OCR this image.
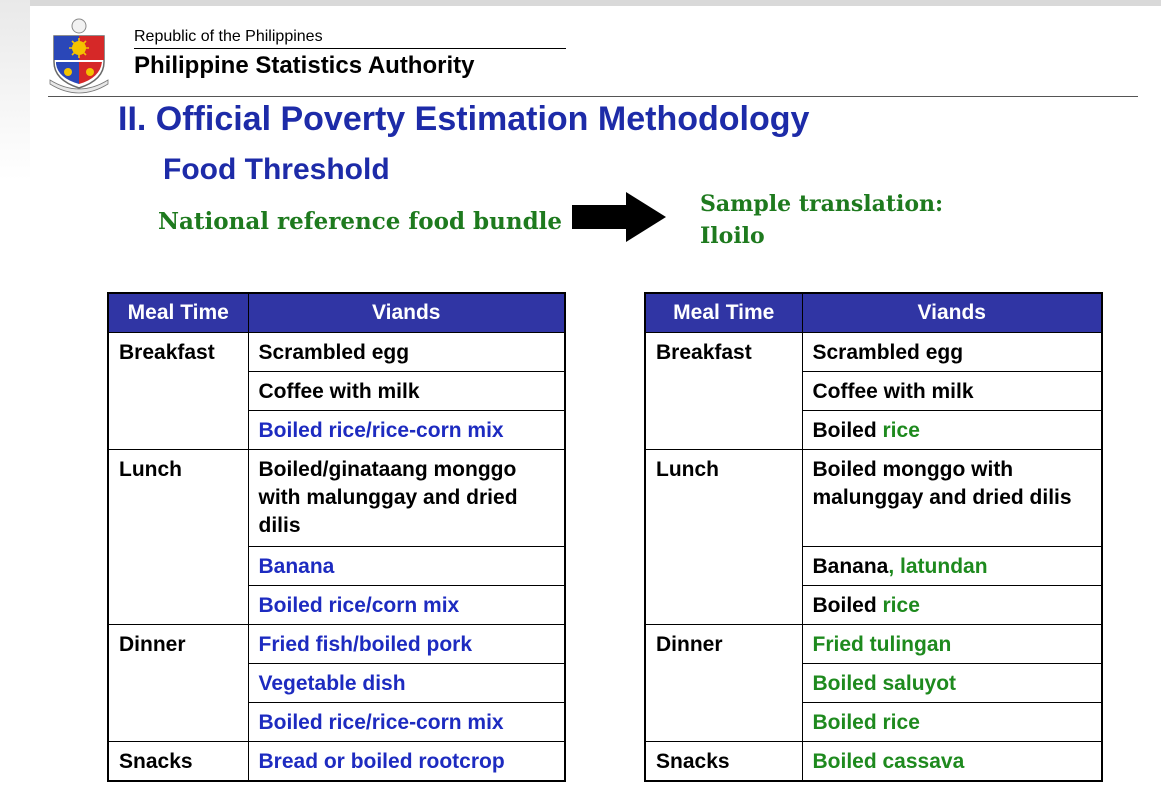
Republic of the Philippines
Philippine Statistics Authority
II. Official Poverty Estimation Methodology
Food Threshold
National reference food bundle
Sample translation:
Iloilo
Meal Time	Viands
Breakfast	Scrambled egg
	Coffee with milk
	Boiled rice/rice-corn mix
Lunch	Boiled/ginataang monggo with malunggay and dried dilis
	Banana
	Boiled rice/corn mix
Dinner	Fried fish/boiled pork
	Vegetable dish
	Boiled rice/rice-corn mix
Snacks	Bread or boiled rootcrop
Meal Time	Viands
Breakfast	Scrambled egg
	Coffee with milk
	Boiled rice
Lunch	Boiled monggo with malunggay and dried dilis
	Banana, latundan
	Boiled rice
Dinner	Fried tulingan
	Boiled saluyot
	Boiled rice
Snacks	Boiled cassava
